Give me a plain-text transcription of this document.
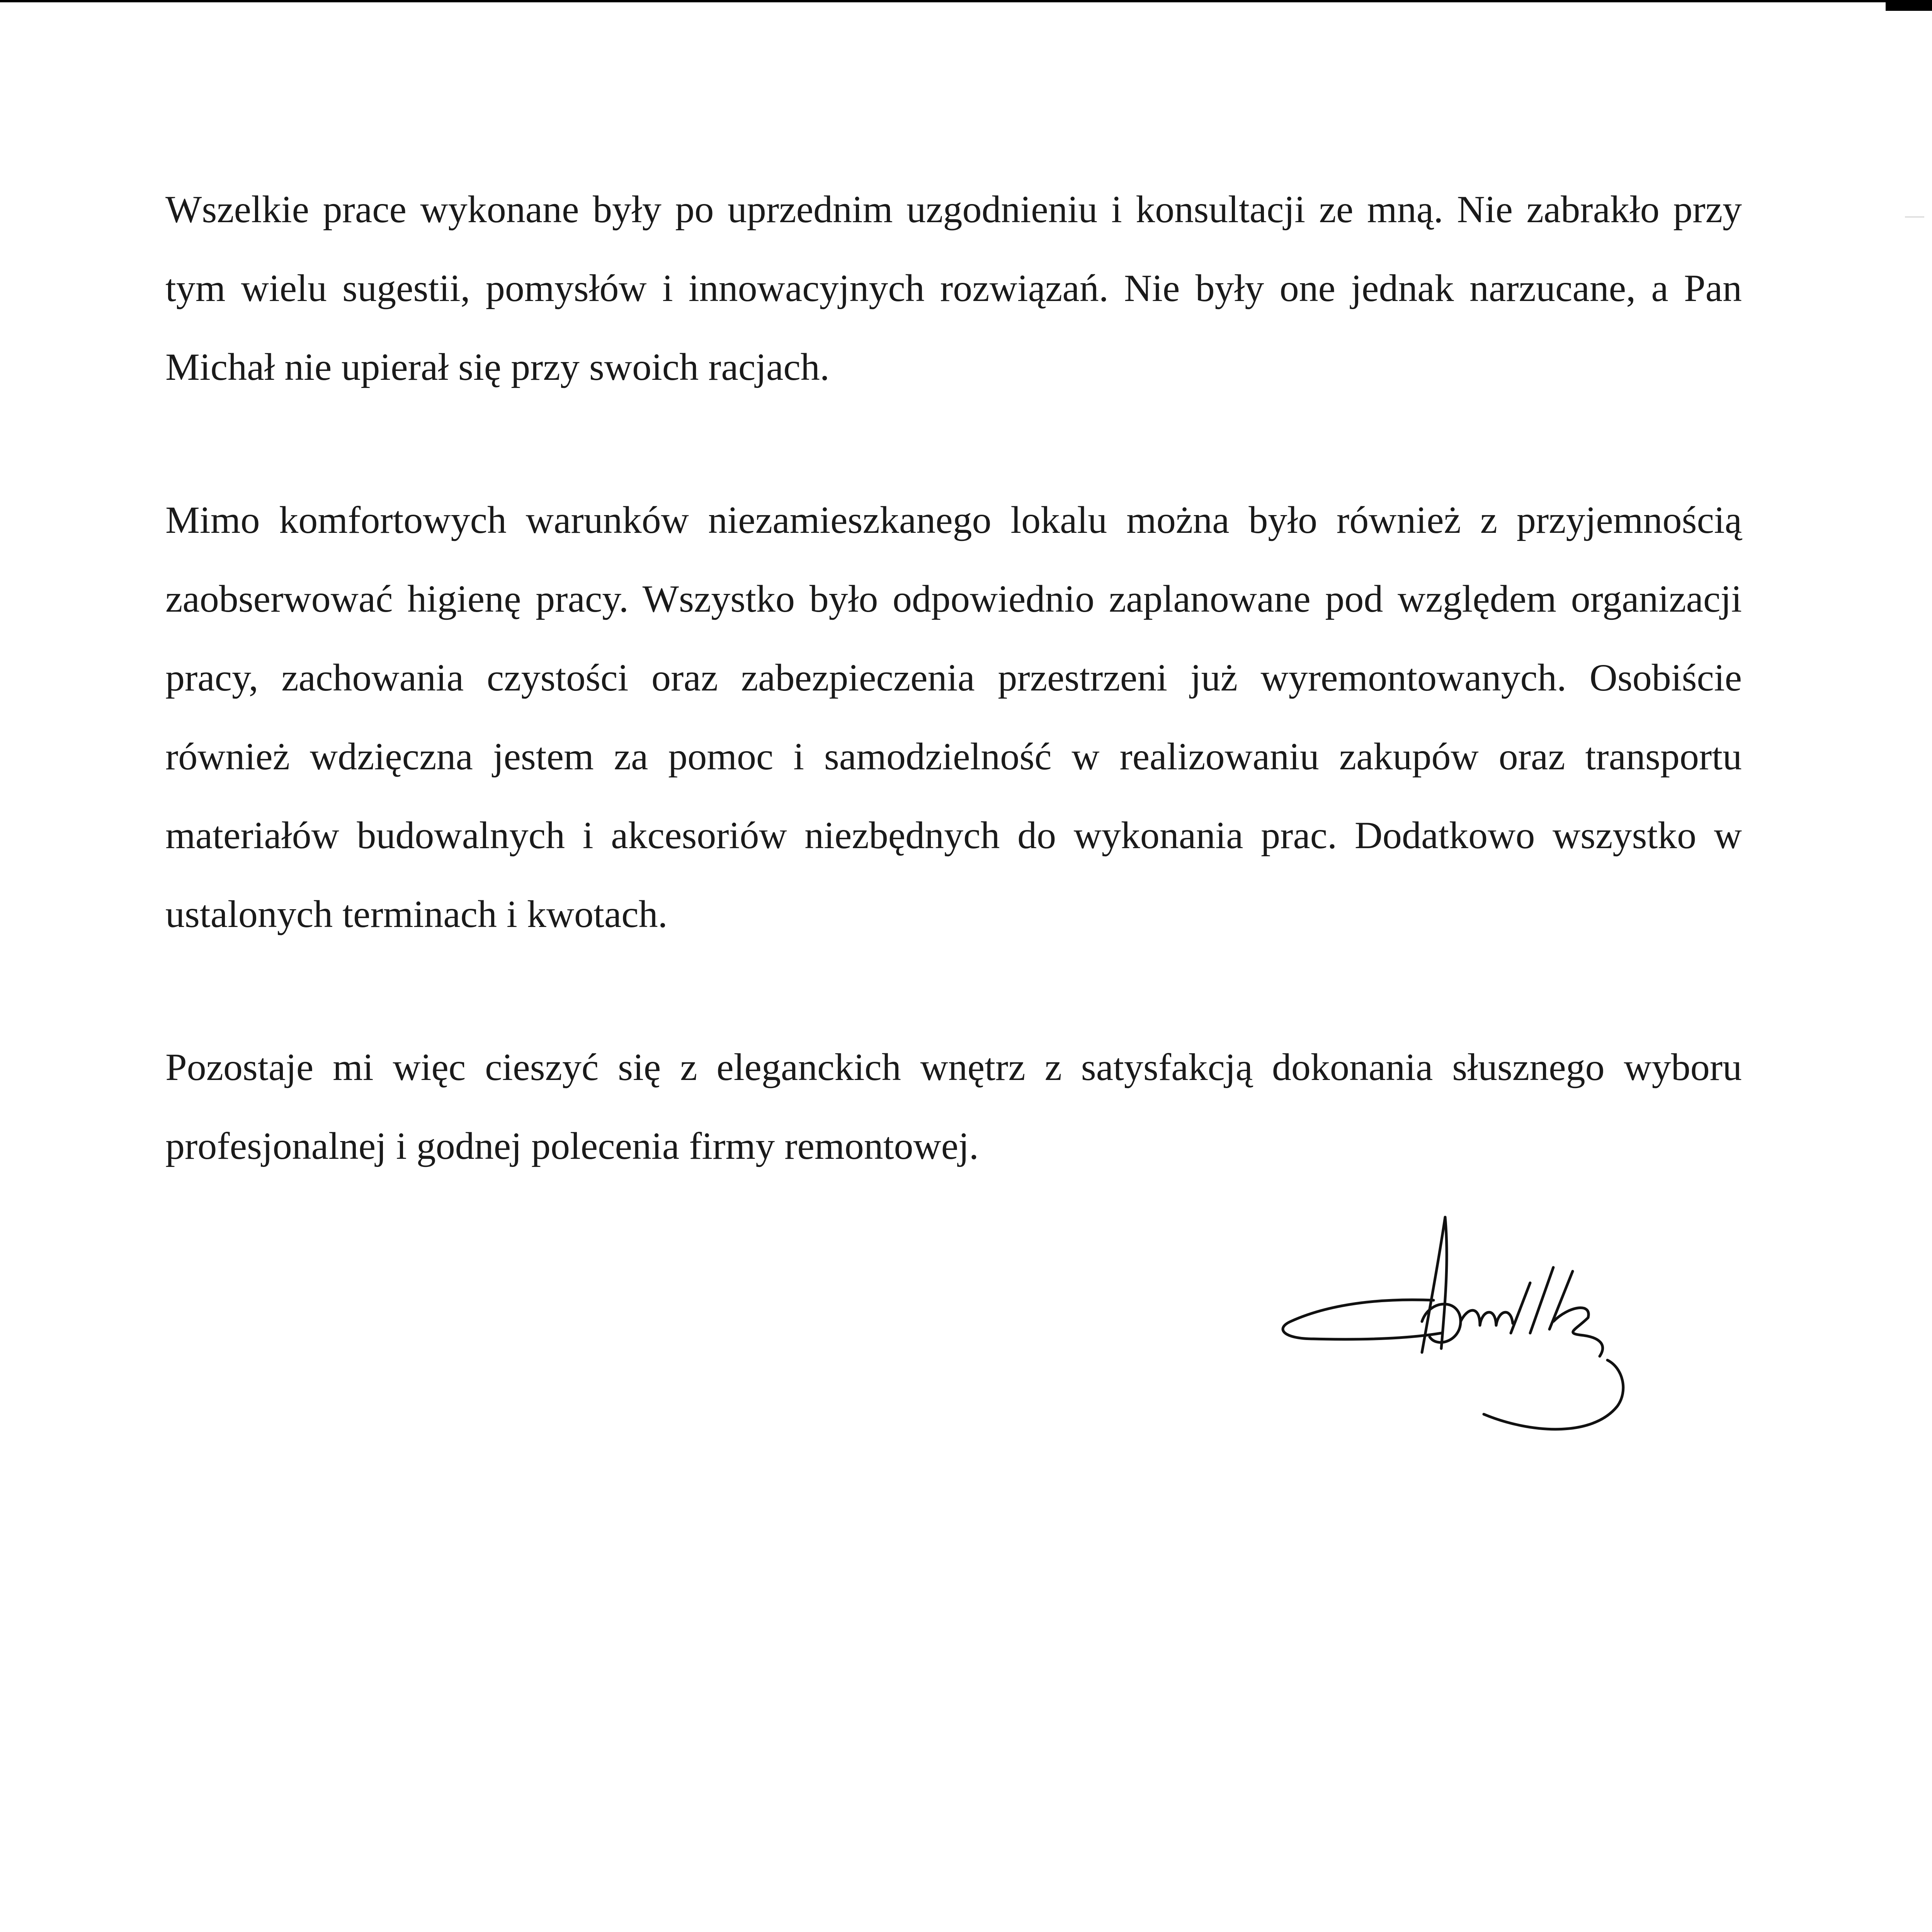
Wszelkie prace wykonane były po uprzednim uzgodnieniu i konsultacji ze mną. Nie zabrakło przy tym wielu sugestii, pomysłów i innowacyjnych rozwiązań. Nie były one jednak narzucane, a Pan Michał nie upierał się przy swoich racjach.

Mimo komfortowych warunków niezamieszkanego lokalu można było również z przyjemnością zaobserwować higienę pracy. Wszystko było odpowiednio zaplanowane pod względem organizacji pracy, zachowania czystości oraz zabezpieczenia przestrzeni już wyremontowanych. Osobiście również wdzięczna jestem za pomoc i samodzielność w realizowaniu zakupów oraz transportu materiałów budowalnych i akcesoriów niezbędnych do wykonania prac. Dodatkowo wszystko w ustalonych terminach i kwotach.

Pozostaje mi więc cieszyć się z eleganckich wnętrz z satysfakcją dokonania słusznego wyboru profesjonalnej i godnej polecenia firmy remontowej.
